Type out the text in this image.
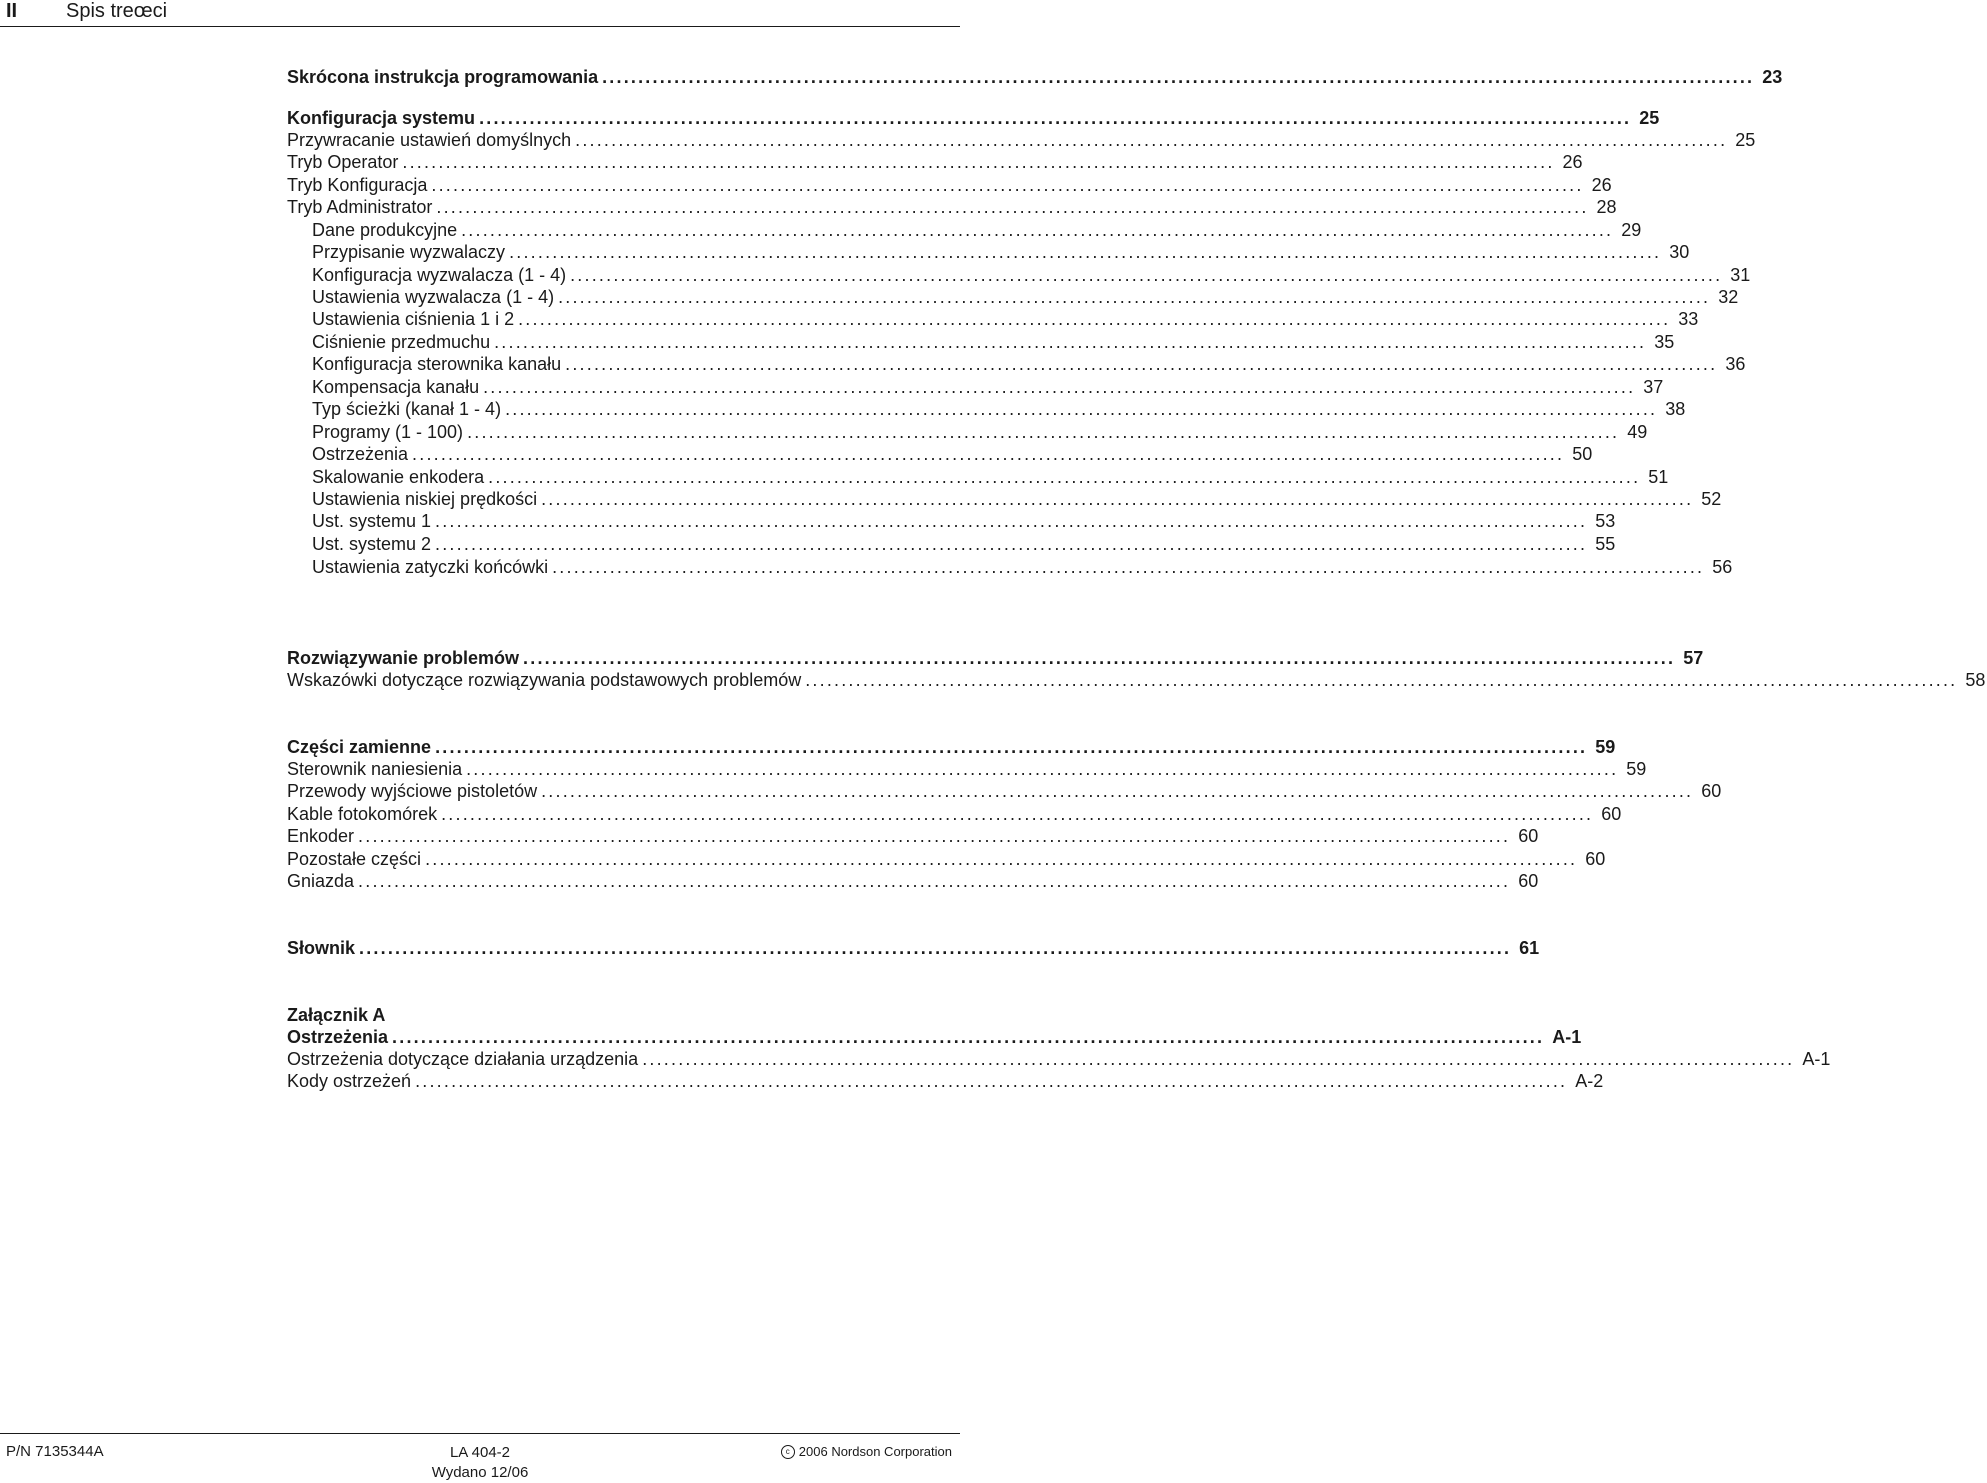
II Spis treœci
Skrócona instrukcja programowania ................................................................................................................................................................ 23
Konfiguracja systemu ................................................................................................................................................................ 25
Przywracanie ustawień domyślnych ................................................................................................................................................................ 25
Tryb Operator ................................................................................................................................................................ 26
Tryb Konfiguracja ................................................................................................................................................................ 26
Tryb Administrator ................................................................................................................................................................ 28
Dane produkcyjne ................................................................................................................................................................ 29
Przypisanie wyzwalaczy ................................................................................................................................................................ 30
Konfiguracja wyzwalacza (1 - 4) ................................................................................................................................................................ 31
Ustawienia wyzwalacza (1 - 4) ................................................................................................................................................................ 32
Ustawienia ciśnienia 1 i 2 ................................................................................................................................................................ 33
Ciśnienie przedmuchu ................................................................................................................................................................ 35
Konfiguracja sterownika kanału ................................................................................................................................................................ 36
Kompensacja kanału ................................................................................................................................................................ 37
Typ ścieżki (kanał 1 - 4) ................................................................................................................................................................ 38
Programy (1 - 100) ................................................................................................................................................................ 49
Ostrzeżenia ................................................................................................................................................................ 50
Skalowanie enkodera ................................................................................................................................................................ 51
Ustawienia niskiej prędkości ................................................................................................................................................................ 52
Ust. systemu 1 ................................................................................................................................................................ 53
Ust. systemu 2 ................................................................................................................................................................ 55
Ustawienia zatyczki końcówki ................................................................................................................................................................ 56
Rozwiązywanie problemów ................................................................................................................................................................ 57
Wskazówki dotyczące rozwiązywania podstawowych problemów ................................................................................................................................................................ 58
Części zamienne ................................................................................................................................................................ 59
Sterownik naniesienia ................................................................................................................................................................ 59
Przewody wyjściowe pistoletów ................................................................................................................................................................ 60
Kable fotokomórek ................................................................................................................................................................ 60
Enkoder ................................................................................................................................................................ 60
Pozostałe części ................................................................................................................................................................ 60
Gniazda ................................................................................................................................................................ 60
Słownik ................................................................................................................................................................ 61
Załącznik A
Ostrzeżenia ................................................................................................................................................................ A-1
Ostrzeżenia dotyczące działania urządzenia ................................................................................................................................................................ A-1
Kody ostrzeżeń ................................................................................................................................................................ A-2
P/N 7135344A	LA 404-2
Wydano 12/06
c 2006 Nordson Corporation
